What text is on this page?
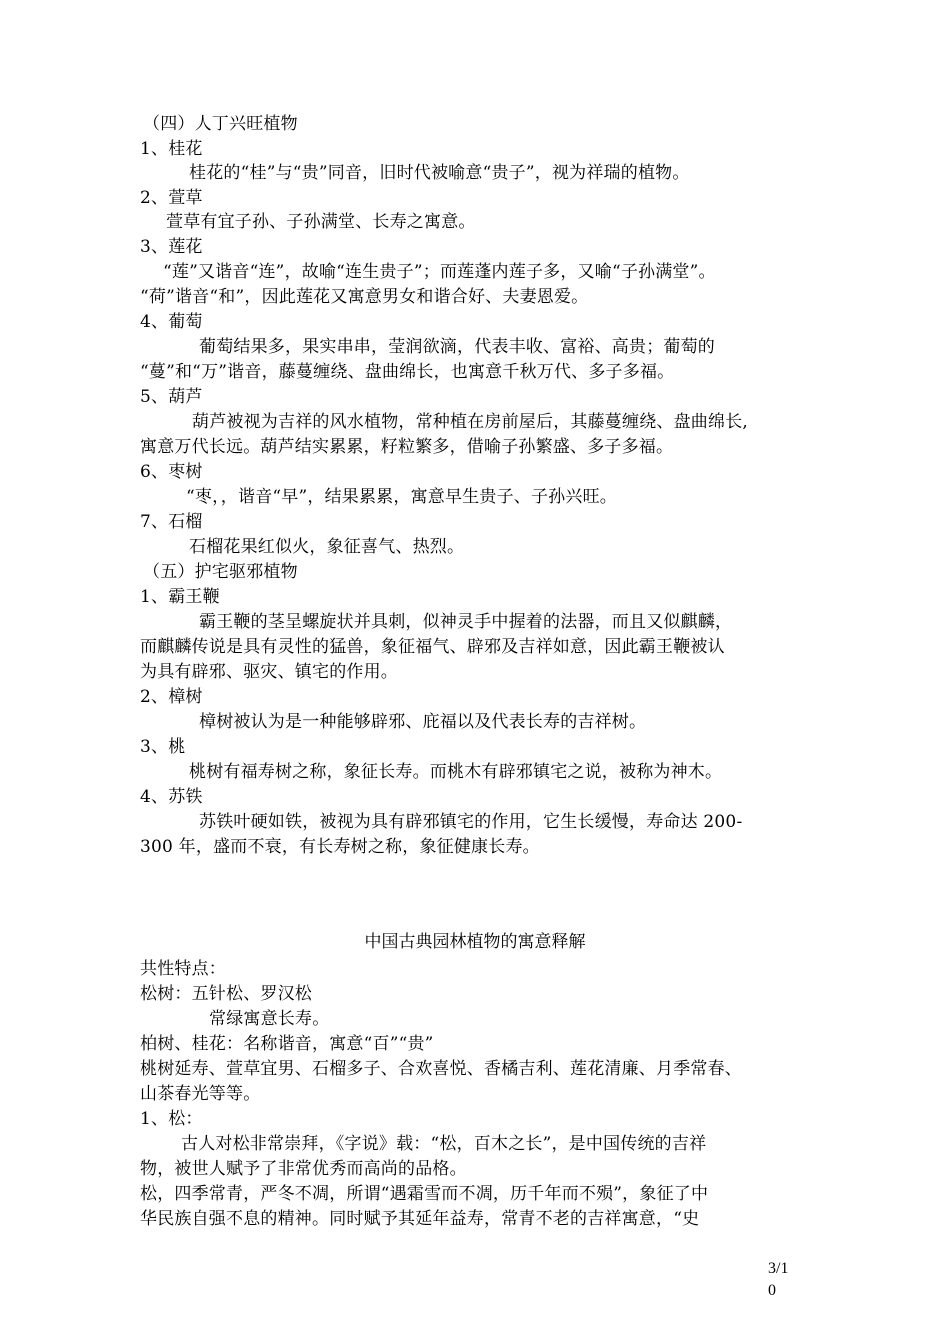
（四）人丁兴旺植物
1、桂花
桂花的“桂”与“贵”同音，旧时代被喻意“贵子”，视为祥瑞的植物。
2、萱草
萱草有宜子孙、子孙满堂、长寿之寓意。
3、莲花
“莲”又谐音“连”，故喻“连生贵子”；而莲蓬内莲子多，又喻“子孙满堂”。
“荷”谐音“和”，因此莲花又寓意男女和谐合好、夫妻恩爱。
4、葡萄
葡萄结果多，果实串串，莹润欲滴，代表丰收、富裕、高贵；葡萄的
“蔓”和“万”谐音，藤蔓缠绕、盘曲绵长，也寓意千秋万代、多子多福。
5、葫芦
葫芦被视为吉祥的风水植物，常种植在房前屋后，其藤蔓缠绕、盘曲绵长,
寓意万代长远。葫芦结实累累，籽粒繁多，借喻子孙繁盛、多子多福。
6、枣树
“枣，，谐音“早”，结果累累，寓意早生贵子、子孙兴旺。
7、石榴
石榴花果红似火，象征喜气、热烈。
（五）护宅驱邪植物
1、霸王鞭
霸王鞭的茎呈螺旋状并具刺，似神灵手中握着的法器，而且又似麒麟，
而麒麟传说是具有灵性的猛兽，象征福气、辟邪及吉祥如意，因此霸王鞭被认
为具有辟邪、驱灾、镇宅的作用。
2、樟树
樟树被认为是一种能够辟邪、庇福以及代表长寿的吉祥树。
3、桃
桃树有福寿树之称，象征长寿。而桃木有辟邪镇宅之说，被称为神木。
4、苏铁
苏铁叶硬如铁，被视为具有辟邪镇宅的作用，它生长缓慢，寿命达 200-
300 年，盛而不衰，有长寿树之称，象征健康长寿。
中国古典园林植物的寓意释解
共性特点：
松树：五针松、罗汉松
常绿寓意长寿。
柏树、桂花：名称谐音，寓意“百”“贵”
桃树延寿、萱草宜男、石榴多子、合欢喜悦、香橘吉利、莲花清廉、月季常春、
山茶春光等等。
1、松：
古人对松非常崇拜，《字说》载：“松，百木之长”，是中国传统的吉祥
物，被世人赋予了非常优秀而高尚的品格。
松，四季常青，严冬不凋，所谓“遇霜雪而不凋，历千年而不殒”，象征了中
华民族自强不息的精神。同时赋予其延年益寿，常青不老的吉祥寓意，“史
3/1
0
